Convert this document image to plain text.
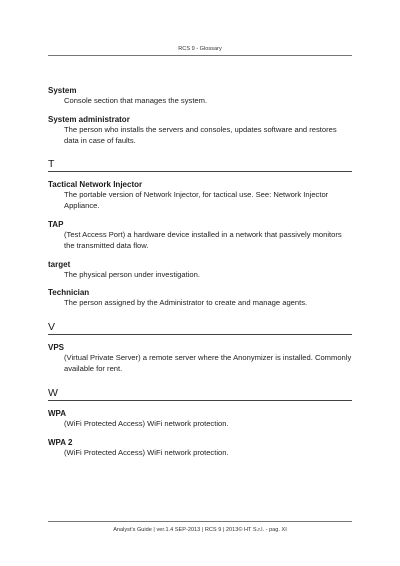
RCS 9 - Glossary

System

Console section that manages the system.

System administrator

The person who installs the servers and consoles, updates software and restores data in case of faults.

T

Tactical Network Injector

The portable version of Network Injector, for tactical use. See: Network Injector Appliance.

TAP

(Test Access Port) a hardware device installed in a network that passively monitors the transmitted data flow.

target

The physical person under investigation.

Technician

The person assigned by the Administrator to create and manage agents.

V

VPS

(Virtual Private Server) a remote server where the Anonymizer is installed. Commonly available for rent.

W

WPA

(WiFi Protected Access) WiFi network protection.

WPA 2

(WiFi Protected Access) WiFi network protection.

Analyst's Guide | ver.1.4 SEP-2013 | RCS 9 | 2013© HT S.r.l. - pag. XI
